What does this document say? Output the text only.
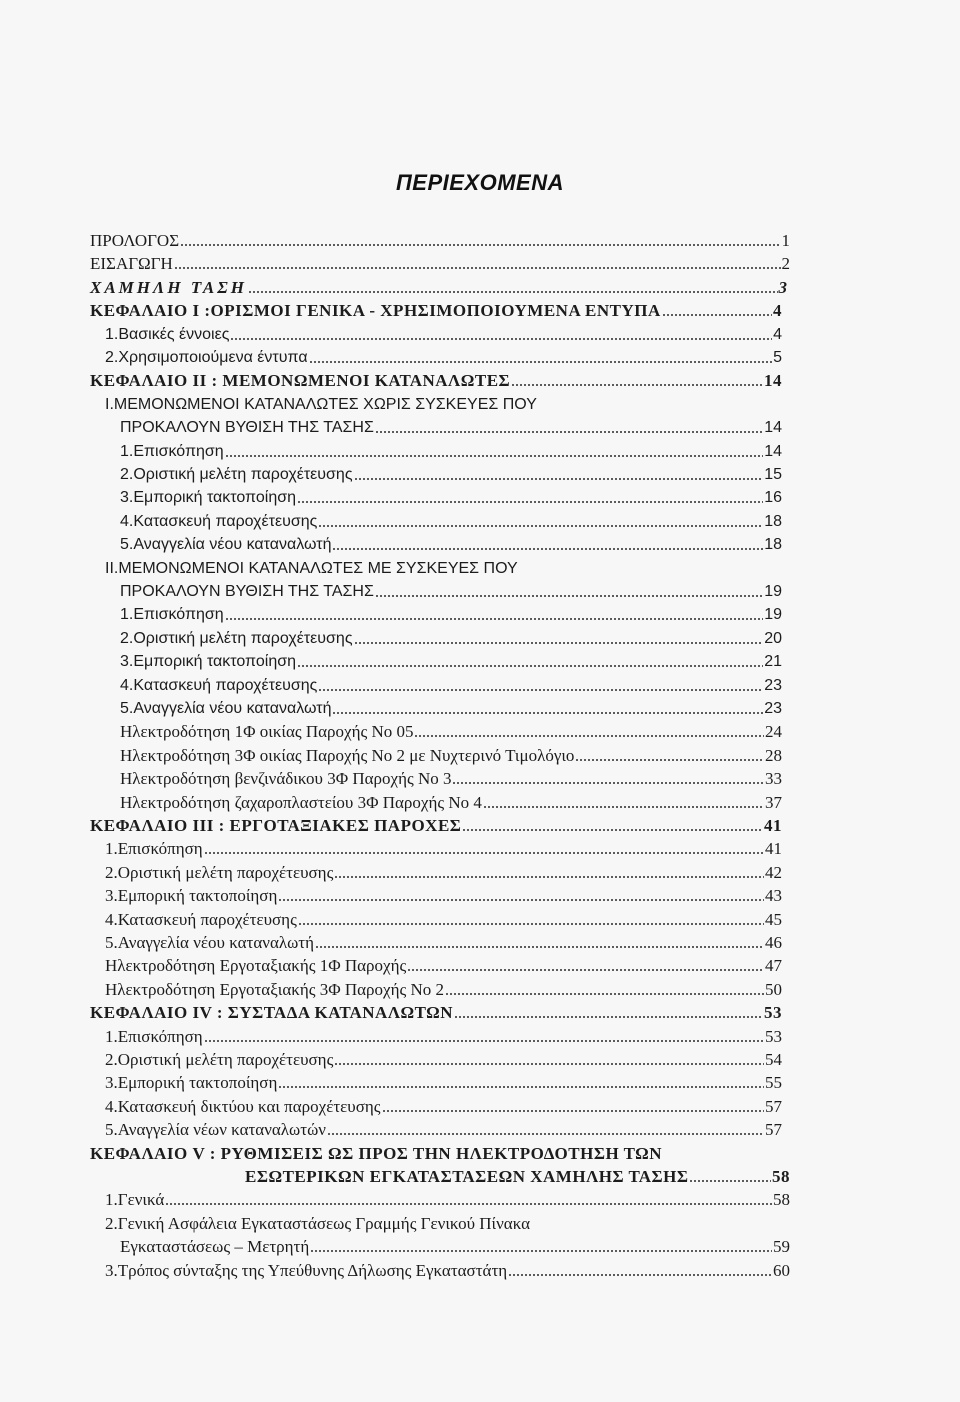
ΠΕΡΙΕΧΟΜΕΝΑ
ΠΡΟΛΟΓΟΣ	1
ΕΙΣΑΓΩΓΗ	2
ΧΑΜΗΛΗ ΤΑΣΗ	3
ΚΕΦΑΛΑΙΟ Ι :ΟΡΙΣΜΟΙ ΓΕΝΙΚΑ - ΧΡΗΣΙΜΟΠΟΙΟΥΜΕΝΑ ΕΝΤΥΠΑ	4
1.Βασικές έννοιες	4
2.Χρησιμοποιούμενα έντυπα	5
ΚΕΦΑΛΑΙΟ ΙΙ : ΜΕΜΟΝΩΜΕΝΟΙ ΚΑΤΑΝΑΛΩΤΕΣ	14
Ι.ΜΕΜΟΝΩΜΕΝΟΙ ΚΑΤΑΝΑΛΩΤΕΣ ΧΩΡΙΣ ΣΥΣΚΕΥΕΣ ΠΟΥ
ΠΡΟΚΑΛΟΥΝ ΒΥΘΙΣΗ ΤΗΣ ΤΑΣΗΣ	14
1.Επισκόπηση	14
2.Οριστική μελέτη παροχέτευσης	15
3.Εμπορική τακτοποίηση	16
4.Κατασκευή παροχέτευσης	18
5.Αναγγελία νέου καταναλωτή	18
ΙΙ.ΜΕΜΟΝΩΜΕΝΟΙ ΚΑΤΑΝΑΛΩΤΕΣ ΜΕ ΣΥΣΚΕΥΕΣ ΠΟΥ
ΠΡΟΚΑΛΟΥΝ ΒΥΘΙΣΗ ΤΗΣ ΤΑΣΗΣ	19
1.Επισκόπηση	19
2.Οριστική μελέτη παροχέτευσης	20
3.Εμπορική τακτοποίηση	21
4.Κατασκευή παροχέτευσης	23
5.Αναγγελία νέου καταναλωτή	23
Ηλεκτροδότηση 1Φ οικίας Παροχής Νο 05	24
Ηλεκτροδότηση 3Φ οικίας Παροχής Νο 2 με Νυχτερινό Τιμολόγιο	28
Ηλεκτροδότηση βενζινάδικου 3Φ Παροχής Νο 3	33
Ηλεκτροδότηση ζαχαροπλαστείου 3Φ Παροχής Νο 4	37
ΚΕΦΑΛΑΙΟ ΙΙΙ : ΕΡΓΟΤΑΞΙΑΚΕΣ ΠΑΡΟΧΕΣ	41
1.Επισκόπηση	41
2.Οριστική μελέτη παροχέτευσης	42
3.Εμπορική τακτοποίηση	43
4.Κατασκευή παροχέτευσης	45
5.Αναγγελία νέου καταναλωτή	46
Ηλεκτροδότηση Εργοταξιακής 1Φ Παροχής	47
Ηλεκτροδότηση Εργοταξιακής 3Φ Παροχής Νο 2	50
ΚΕΦΑΛΑΙΟ ΙV : ΣΥΣΤΑΔΑ ΚΑΤΑΝΑΛΩΤΩΝ	53
1.Επισκόπηση	53
2.Οριστική μελέτη παροχέτευσης	54
3.Εμπορική τακτοποίηση	55
4.Κατασκευή δικτύου και παροχέτευσης	57
5.Αναγγελία νέων καταναλωτών	57
ΚΕΦΑΛΑΙΟ V : ΡΥΘΜΙΣΕΙΣ ΩΣ ΠΡΟΣ ΤΗΝ ΗΛΕΚΤΡΟΔΟΤΗΣΗ ΤΩΝ
ΕΣΩΤΕΡΙΚΩΝ ΕΓΚΑΤΑΣΤΑΣΕΩΝ ΧΑΜΗΛΗΣ ΤΑΣΗΣ	58
1.Γενικά	58
2.Γενική Ασφάλεια Εγκαταστάσεως Γραμμής Γενικού Πίνακα
Εγκαταστάσεως – Μετρητή	59
3.Τρόπος σύνταξης της Υπεύθυνης Δήλωσης Εγκαταστάτη	60
